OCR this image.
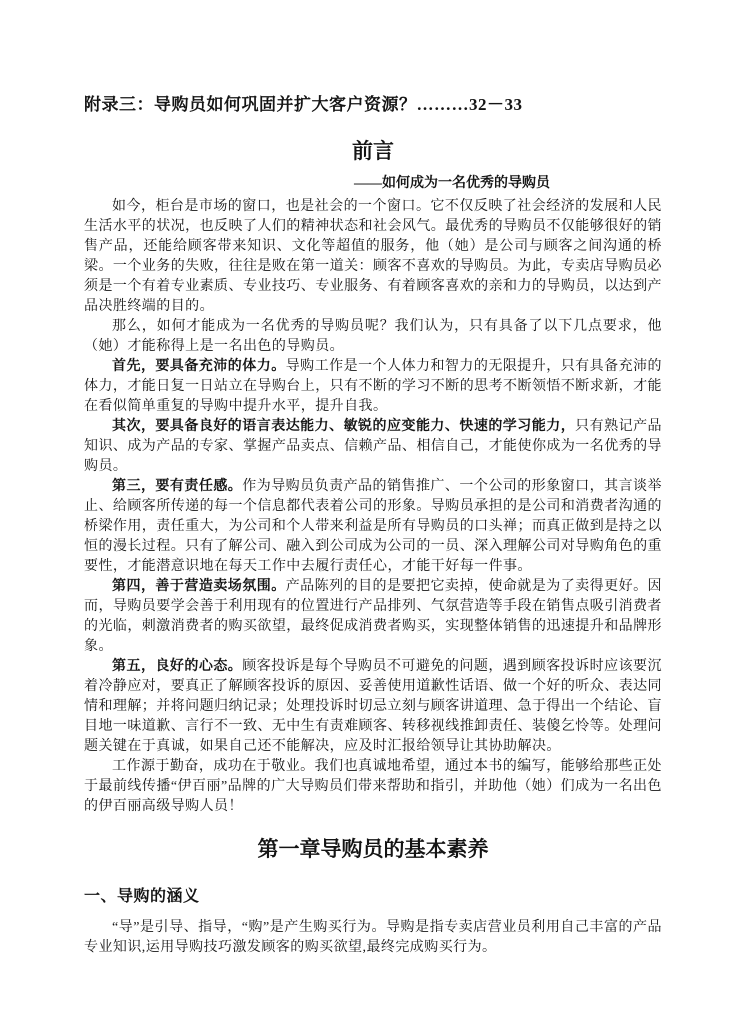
附录三：导购员如何巩固并扩大客户资源？………32－33
前言
——如何成为一名优秀的导购员

如今，柜台是市场的窗口，也是社会的一个窗口。它不仅反映了社会经济的发展和人民生活水平的状况，也反映了人们的精神状态和社会风气。最优秀的导购员不仅能够很好的销售产品，还能给顾客带来知识、文化等超值的服务，他（她）是公司与顾客之间沟通的桥梁。一个业务的失败，往往是败在第一道关：顾客不喜欢的导购员。为此，专卖店导购员必须是一个有着专业素质、专业技巧、专业服务、有着顾客喜欢的亲和力的导购员，以达到产品决胜终端的目的。

那么，如何才能成为一名优秀的导购员呢？我们认为，只有具备了以下几点要求，他（她）才能称得上是一名出色的导购员。

首先，要具备充沛的体力。导购工作是一个人体力和智力的无限提升，只有具备充沛的体力，才能日复一日站立在导购台上，只有不断的学习不断的思考不断领悟不断求新，才能在看似简单重复的导购中提升水平，提升自我。

其次，要具备良好的语言表达能力、敏锐的应变能力、快速的学习能力，只有熟记产品知识、成为产品的专家、掌握产品卖点、信赖产品、相信自己，才能使你成为一名优秀的导购员。

第三，要有责任感。作为导购员负责产品的销售推广、一个公司的形象窗口，其言谈举止、给顾客所传递的每一个信息都代表着公司的形象。导购员承担的是公司和消费者沟通的桥梁作用，责任重大，为公司和个人带来利益是所有导购员的口头禅；而真正做到是持之以恒的漫长过程。只有了解公司、融入到公司成为公司的一员、深入理解公司对导购角色的重要性，才能潜意识地在每天工作中去履行责任心，才能干好每一件事。

第四，善于营造卖场氛围。产品陈列的目的是要把它卖掉，使命就是为了卖得更好。因而，导购员要学会善于利用现有的位置进行产品排列、气氛营造等手段在销售点吸引消费者的光临，刺激消费者的购买欲望，最终促成消费者购买，实现整体销售的迅速提升和品牌形象。

第五，良好的心态。顾客投诉是每个导购员不可避免的问题，遇到顾客投诉时应该要沉着冷静应对，要真正了解顾客投诉的原因、妥善使用道歉性话语、做一个好的听众、表达同情和理解；并将问题归纳记录；处理投诉时切忌立刻与顾客讲道理、急于得出一个结论、盲目地一味道歉、言行不一致、无中生有责难顾客、转移视线推卸责任、装傻乞怜等。处理问题关键在于真诚，如果自己还不能解决，应及时汇报给领导让其协助解决。

工作源于勤奋，成功在于敬业。我们也真诚地希望，通过本书的编写，能够给那些正处于最前线传播“伊百丽”品牌的广大导购员们带来帮助和指引，并助他（她）们成为一名出色的伊百丽高级导购人员！

第一章导购员的基本素养
一、导购的涵义

“导”是引导、指导，“购”是产生购买行为。导购是指专卖店营业员利用自己丰富的产品专业知识,运用导购技巧激发顾客的购买欲望,最终完成购买行为。
